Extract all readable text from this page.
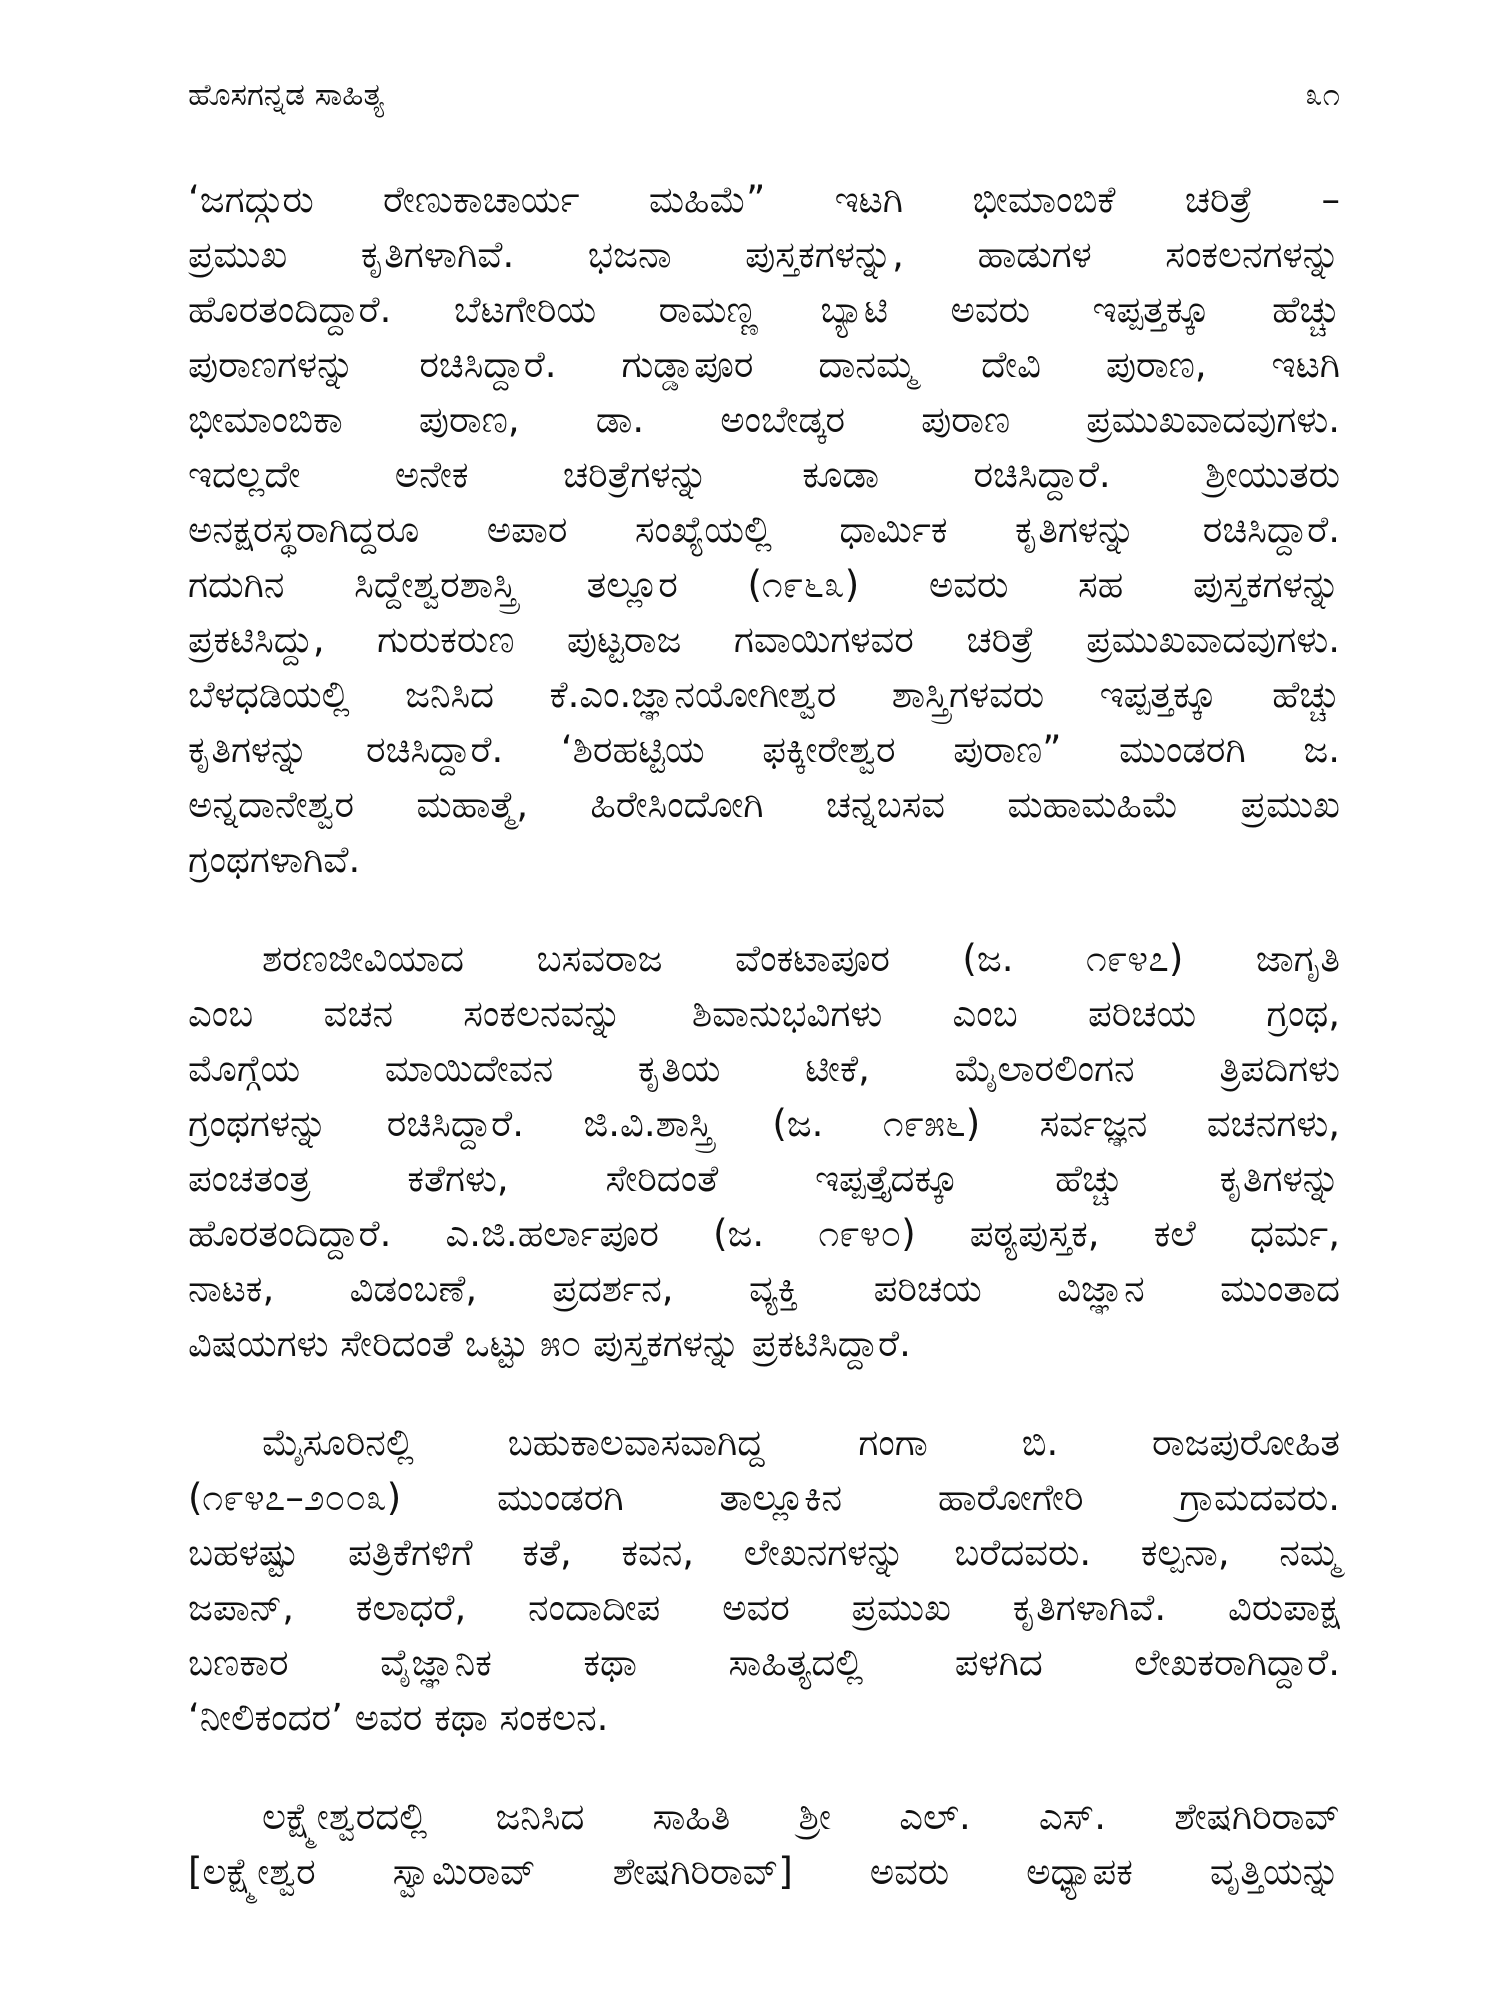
ಹೊಸಗನ್ನಡ ಸಾಹಿತ್ಯ	೩೧
‘ಜಗದ್ಗುರು ರೇಣುಕಾಚಾರ್ಯ ಮಹಿಮೆ” ಇಟಗಿ ಭೀಮಾಂಬಿಕೆ ಚರಿತ್ರೆ –
ಪ್ರಮುಖ ಕೃತಿಗಳಾಗಿವೆ. ಭಜನಾ ಪುಸ್ತಕಗಳನ್ನು, ಹಾಡುಗಳ ಸಂಕಲನಗಳನ್ನು
ಹೊರತಂದಿದ್ದಾರೆ. ಬೆಟಗೇರಿಯ ರಾಮಣ್ಣ ಬ್ಯಾಟಿ ಅವರು ಇಪ್ಪತ್ತಕ್ಕೂ ಹೆಚ್ಚು
ಪುರಾಣಗಳನ್ನು ರಚಿಸಿದ್ದಾರೆ. ಗುಡ್ಡಾಪೂರ ದಾನಮ್ಮ ದೇವಿ ಪುರಾಣ, ಇಟಗಿ
ಭೀಮಾಂಬಿಕಾ ಪುರಾಣ, ಡಾ. ಅಂಬೇಡ್ಕರ ಪುರಾಣ ಪ್ರಮುಖವಾದವುಗಳು.
ಇದಲ್ಲದೇ ಅನೇಕ ಚರಿತ್ರೆಗಳನ್ನು ಕೂಡಾ ರಚಿಸಿದ್ದಾರೆ. ಶ್ರೀಯುತರು
ಅನಕ್ಷರಸ್ಥರಾಗಿದ್ದರೂ ಅಪಾರ ಸಂಖ್ಯೆಯಲ್ಲಿ ಧಾರ್ಮಿಕ ಕೃತಿಗಳನ್ನು ರಚಿಸಿದ್ದಾರೆ.
ಗದುಗಿನ ಸಿದ್ದೇಶ್ವರಶಾಸ್ತ್ರಿ ತಲ್ಲೂರ (೧೯೬೩) ಅವರು ಸಹ ಪುಸ್ತಕಗಳನ್ನು
ಪ್ರಕಟಿಸಿದ್ದು, ಗುರುಕರುಣ ಪುಟ್ಟರಾಜ ಗವಾಯಿಗಳವರ ಚರಿತ್ರೆ ಪ್ರಮುಖವಾದವುಗಳು.
ಬೆಳಧಡಿಯಲ್ಲಿ ಜನಿಸಿದ ಕೆ.ಎಂ.ಜ್ಞಾನಯೋಗೀಶ್ವರ ಶಾಸ್ತ್ರಿಗಳವರು ಇಪ್ಪತ್ತಕ್ಕೂ ಹೆಚ್ಚು
ಕೃತಿಗಳನ್ನು ರಚಿಸಿದ್ದಾರೆ. ‘ಶಿರಹಟ್ಟಿಯ ಫಕ್ಕೀರೇಶ್ವರ ಪುರಾಣ” ಮುಂಡರಗಿ ಜ.
ಅನ್ನದಾನೇಶ್ವರ ಮಹಾತ್ಮೆ, ಹಿರೇಸಿಂದೋಗಿ ಚನ್ನಬಸವ ಮಹಾಮಹಿಮೆ ಪ್ರಮುಖ
ಗ್ರಂಥಗಳಾಗಿವೆ.
ಶರಣಜೀವಿಯಾದ ಬಸವರಾಜ ವೆಂಕಟಾಪೂರ (ಜ. ೧೯೪೭) ಜಾಗೃತಿ
ಎಂಬ ವಚನ ಸಂಕಲನವನ್ನು ಶಿವಾನುಭವಿಗಳು ಎಂಬ ಪರಿಚಯ ಗ್ರಂಥ,
ಮೊಗ್ಗೆಯ ಮಾಯಿದೇವನ ಕೃತಿಯ ಟೀಕೆ, ಮೈಲಾರಲಿಂಗನ ತ್ರಿಪದಿಗಳು
ಗ್ರಂಥಗಳನ್ನು ರಚಿಸಿದ್ದಾರೆ. ಜಿ.ವಿ.ಶಾಸ್ತ್ರಿ (ಜ. ೧೯೫೬) ಸರ್ವಜ್ಞನ ವಚನಗಳು,
ಪಂಚತಂತ್ರ ಕತೆಗಳು, ಸೇರಿದಂತೆ ಇಪ್ಪತ್ತೈದಕ್ಕೂ ಹೆಚ್ಚು ಕೃತಿಗಳನ್ನು
ಹೊರತಂದಿದ್ದಾರೆ. ಎ.ಜಿ.ಹರ್ಲಾಪೂರ (ಜ. ೧೯೪೦) ಪಠ್ಯಪುಸ್ತಕ, ಕಲೆ ಧರ್ಮ,
ನಾಟಕ, ವಿಡಂಬಣೆ, ಪ್ರದರ್ಶನ, ವ್ಯಕ್ತಿ ಪರಿಚಯ ವಿಜ್ಞಾನ ಮುಂತಾದ
ವಿಷಯಗಳು ಸೇರಿದಂತೆ ಒಟ್ಟು ೫೦ ಪುಸ್ತಕಗಳನ್ನು ಪ್ರಕಟಿಸಿದ್ದಾರೆ.
ಮೈಸೂರಿನಲ್ಲಿ ಬಹುಕಾಲವಾಸವಾಗಿದ್ದ ಗಂಗಾ ಬಿ. ರಾಜಪುರೋಹಿತ
(೧೯೪೭–೨೦೦೩) ಮುಂಡರಗಿ ತಾಲ್ಲೂಕಿನ ಹಾರೋಗೇರಿ ಗ್ರಾಮದವರು.
ಬಹಳಷ್ಟು ಪತ್ರಿಕೆಗಳಿಗೆ ಕತೆ, ಕವನ, ಲೇಖನಗಳನ್ನು ಬರೆದವರು. ಕಲ್ಪನಾ, ನಮ್ಮ
ಜಪಾನ್, ಕಲಾಧರೆ, ನಂದಾದೀಪ ಅವರ ಪ್ರಮುಖ ಕೃತಿಗಳಾಗಿವೆ. ವಿರುಪಾಕ್ಷ
ಬಣಕಾರ ವೈಜ್ಞಾನಿಕ ಕಥಾ ಸಾಹಿತ್ಯದಲ್ಲಿ ಪಳಗಿದ ಲೇಖಕರಾಗಿದ್ದಾರೆ.
‘ನೀಲಿಕಂದರ’ ಅವರ ಕಥಾ ಸಂಕಲನ.
ಲಕ್ಷ್ಮೇಶ್ವರದಲ್ಲಿ ಜನಿಸಿದ ಸಾಹಿತಿ ಶ್ರೀ ಎಲ್. ಎಸ್. ಶೇಷಗಿರಿರಾವ್
[ಲಕ್ಷ್ಮೇಶ್ವರ ಸ್ವಾಮಿರಾವ್ ಶೇಷಗಿರಿರಾವ್] ಅವರು ಅಧ್ಯಾಪಕ ವೃತ್ತಿಯನ್ನು
